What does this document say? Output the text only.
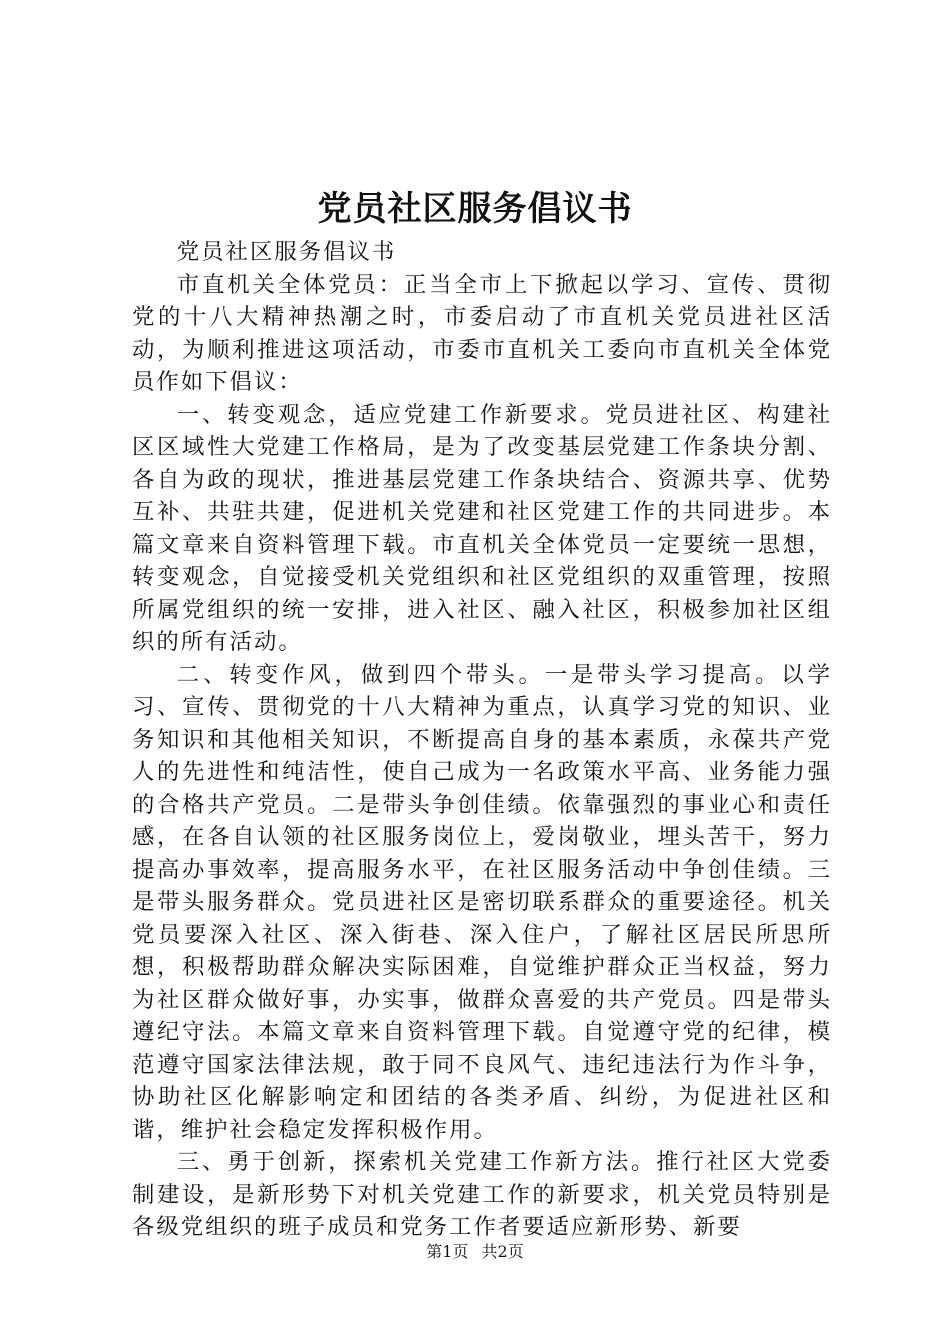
党员社区服务倡议书

党员社区服务倡议书

市直机关全体党员：正当全市上下掀起以学习、宣传、贯彻党的十八大精神热潮之时，市委启动了市直机关党员进社区活动，为顺利推进这项活动，市委市直机关工委向市直机关全体党员作如下倡议：

一、转变观念，适应党建工作新要求。党员进社区、构建社区区域性大党建工作格局，是为了改变基层党建工作条块分割、各自为政的现状，推进基层党建工作条块结合、资源共享、优势互补、共驻共建，促进机关党建和社区党建工作的共同进步。本篇文章来自资料管理下载。市直机关全体党员一定要统一思想，转变观念，自觉接受机关党组织和社区党组织的双重管理，按照所属党组织的统一安排，进入社区、融入社区，积极参加社区组织的所有活动。

二、转变作风，做到四个带头。一是带头学习提高。以学习、宣传、贯彻党的十八大精神为重点，认真学习党的知识、业务知识和其他相关知识，不断提高自身的基本素质，永葆共产党人的先进性和纯洁性，使自己成为一名政策水平高、业务能力强的合格共产党员。二是带头争创佳绩。依靠强烈的事业心和责任感，在各自认领的社区服务岗位上，爱岗敬业，埋头苦干，努力提高办事效率，提高服务水平，在社区服务活动中争创佳绩。三是带头服务群众。党员进社区是密切联系群众的重要途径。机关党员要深入社区、深入街巷、深入住户，了解社区居民所思所想，积极帮助群众解决实际困难，自觉维护群众正当权益，努力为社区群众做好事，办实事，做群众喜爱的共产党员。四是带头遵纪守法。本篇文章来自资料管理下载。自觉遵守党的纪律，模范遵守国家法律法规，敢于同不良风气、违纪违法行为作斗争，协助社区化解影响定和团结的各类矛盾、纠纷，为促进社区和谐，维护社会稳定发挥积极作用。

三、勇于创新，探索机关党建工作新方法。推行社区大党委制建设，是新形势下对机关党建工作的新要求，机关党员特别是各级党组织的班子成员和党务工作者要适应新形势、新要

第1页 共2页
